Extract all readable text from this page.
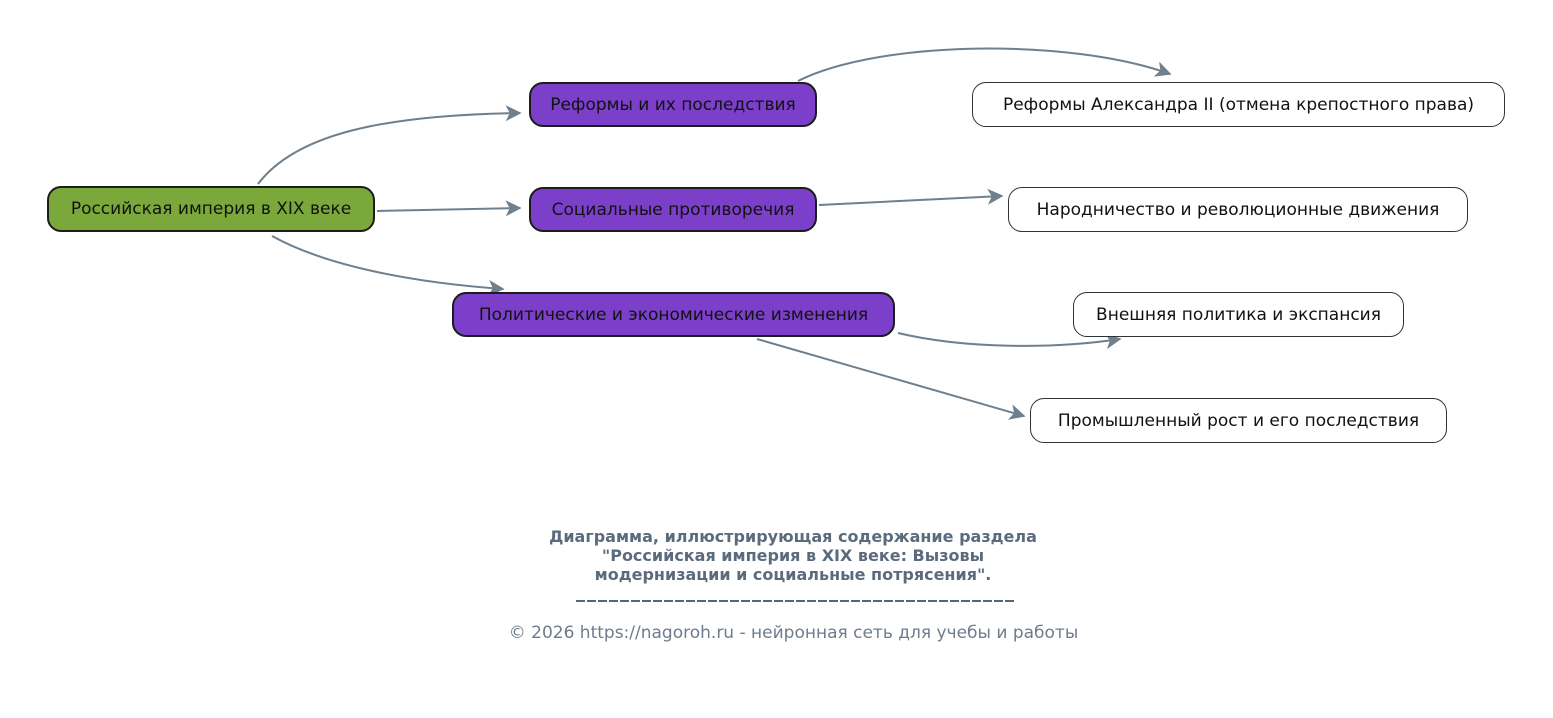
Российская империя в XIX веке
Реформы и их последствия
Социальные противоречия
Политические и экономические изменения
Реформы Александра II (отмена крепостного права)
Народничество и революционные движения
Внешняя политика и экспансия
Промышленный рост и его последствия
Диаграмма, иллюстрирующая содержание раздела
"Российская империя в XIX веке: Вызовы
модернизации и социальные потрясения".
© 2026 https://nagoroh.ru - нейронная сеть для учебы и работы
